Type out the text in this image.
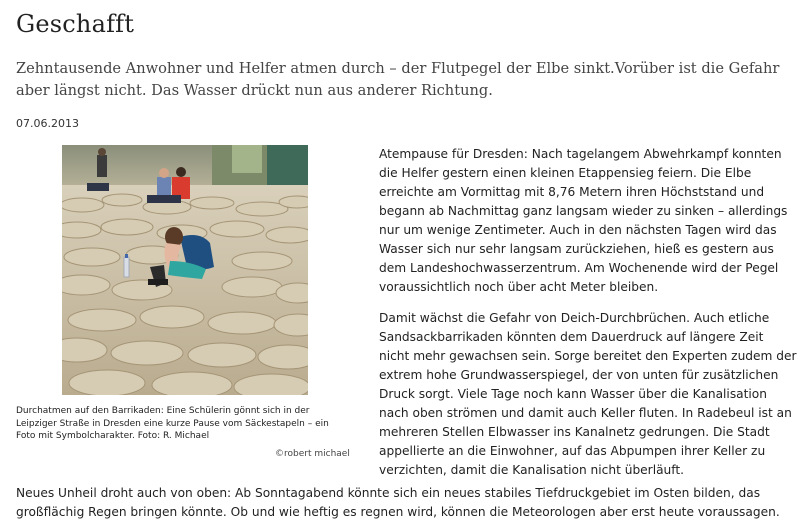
Geschafft

Zehntausende Anwohner und Helfer atmen durch – der Flutpegel der Elbe sinkt.Vorüber ist die Gefahr aber längst nicht. Das Wasser drückt nun aus anderer Richtung.

07.06.2013

Durchatmen auf den Barrikaden: Eine Schülerin gönnt sich in der Leipziger Straße in Dresden eine kurze Pause vom Säckestapeln – ein Foto mit Symbolcharakter. Foto: R. Michael

©robert michael

Atempause für Dresden: Nach tagelangem Abwehrkampf konnten die Helfer gestern einen kleinen Etappensieg feiern. Die Elbe erreichte am Vormittag mit 8,76 Metern ihren Höchststand und begann ab Nachmittag ganz langsam wieder zu sinken – allerdings nur um wenige Zentimeter. Auch in den nächsten Tagen wird das Wasser sich nur sehr langsam zurückziehen, hieß es gestern aus dem Landeshochwasserzentrum. Am Wochenende wird der Pegel voraussichtlich noch über acht Meter bleiben.

Damit wächst die Gefahr von Deich-Durchbrüchen. Auch etliche Sandsackbarrikaden könnten dem Dauerdruck auf längere Zeit nicht mehr gewachsen sein. Sorge bereitet den Experten zudem der extrem hohe Grundwasserspiegel, der von unten für zusätzlichen Druck sorgt. Viele Tage noch kann Wasser über die Kanalisation nach oben strömen und damit auch Keller fluten. In Radebeul ist an mehreren Stellen Elbwasser ins Kanalnetz gedrungen. Die Stadt appellierte an die Einwohner, auf das Abpumpen ihrer Keller zu verzichten, damit die Kanalisation nicht überläuft.

Neues Unheil droht auch von oben: Ab Sonntagabend könnte sich ein neues stabiles Tiefdruckgebiet im Osten bilden, das großflächig Regen bringen könnte. Ob und wie heftig es regnen wird, können die Meteorologen aber erst heute voraussagen.
